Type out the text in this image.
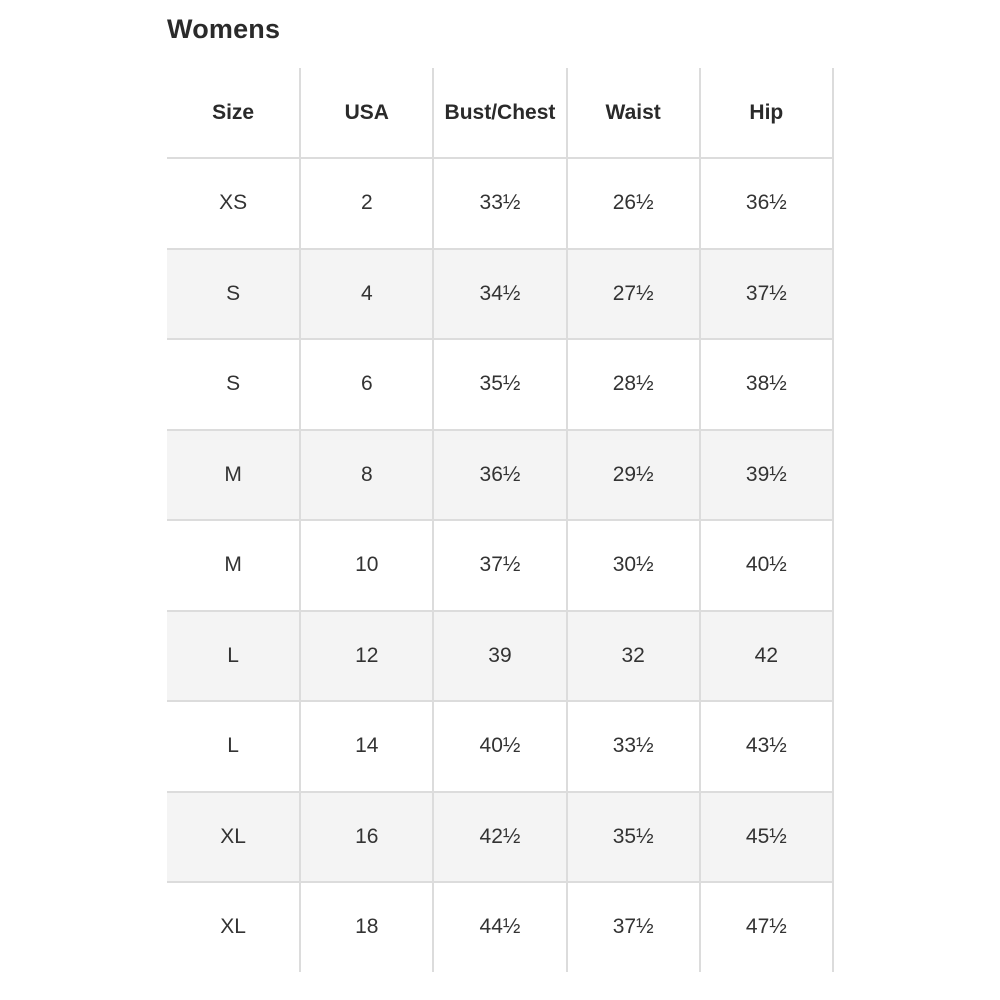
Womens
Size	USA	Bust/Chest	Waist	Hip
XS	2	33½	26½	36½
S	4	34½	27½	37½
S	6	35½	28½	38½
M	8	36½	29½	39½
M	10	37½	30½	40½
L	12	39	32	42
L	14	40½	33½	43½
XL	16	42½	35½	45½
XL	18	44½	37½	47½
